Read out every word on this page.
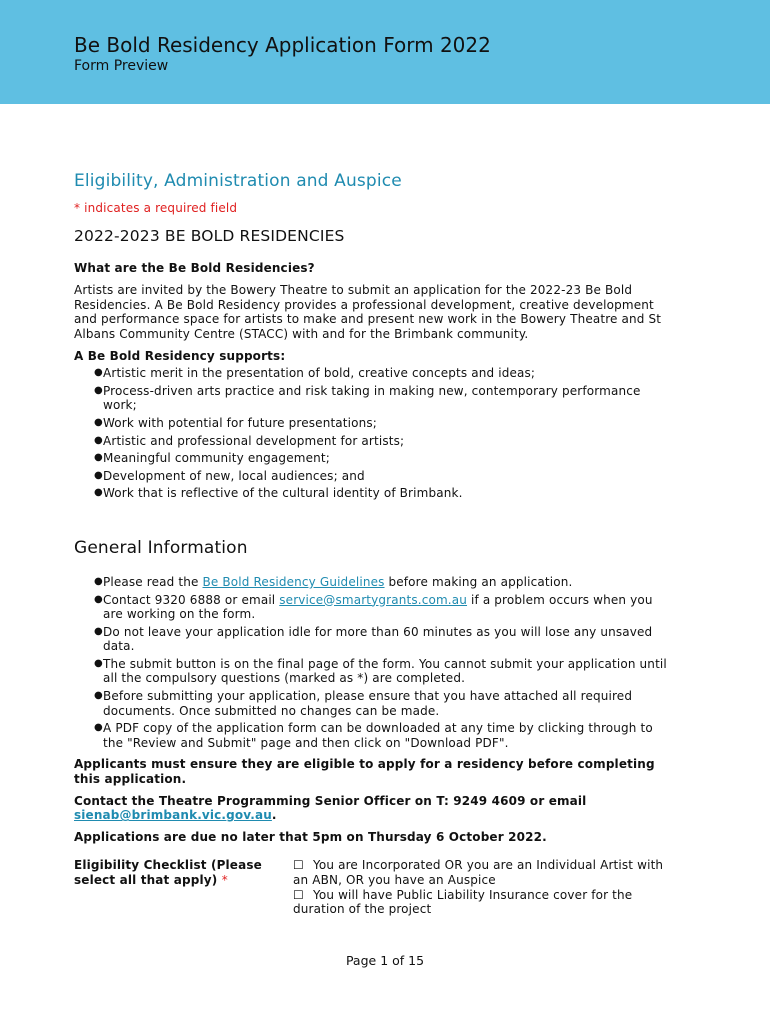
Be Bold Residency Application Form 2022
Form Preview
Eligibility, Administration and Auspice
* indicates a required field
2022-2023 BE BOLD RESIDENCIES
What are the Be Bold Residencies?

Artists are invited by the Bowery Theatre to submit an application for the 2022-23 Be Bold Residencies. A Be Bold Residency provides a professional development, creative development and performance space for artists to make and present new work in the Bowery Theatre and St Albans Community Centre (STACC) with and for the Brimbank community.

A Be Bold Residency supports:
● Artistic merit in the presentation of bold, creative concepts and ideas;
● Process-driven arts practice and risk taking in making new, contemporary performance work;
● Work with potential for future presentations;
● Artistic and professional development for artists;
● Meaningful community engagement;
● Development of new, local audiences; and
● Work that is reflective of the cultural identity of Brimbank.
General Information
● Please read the Be Bold Residency Guidelines before making an application.
● Contact 9320 6888 or email service@smartygrants.com.au if a problem occurs when you are working on the form.
● Do not leave your application idle for more than 60 minutes as you will lose any unsaved data.
● The submit button is on the final page of the form. You cannot submit your application until all the compulsory questions (marked as *) are completed.
● Before submitting your application, please ensure that you have attached all required documents. Once submitted no changes can be made.
● A PDF copy of the application form can be downloaded at any time by clicking through to the "Review and Submit" page and then click on "Download PDF".
Applicants must ensure they are eligible to apply for a residency before completing this application.
Contact the Theatre Programming Senior Officer on T: 9249 4609 or email sienab@brimbank.vic.gov.au.
Applications are due no later that 5pm on Thursday 6 October 2022.
Eligibility Checklist (Please select all that apply) *
☐ You are Incorporated OR you are an Individual Artist with an ABN, OR you have an Auspice
☐ You will have Public Liability Insurance cover for the duration of the project
Page 1 of 15
